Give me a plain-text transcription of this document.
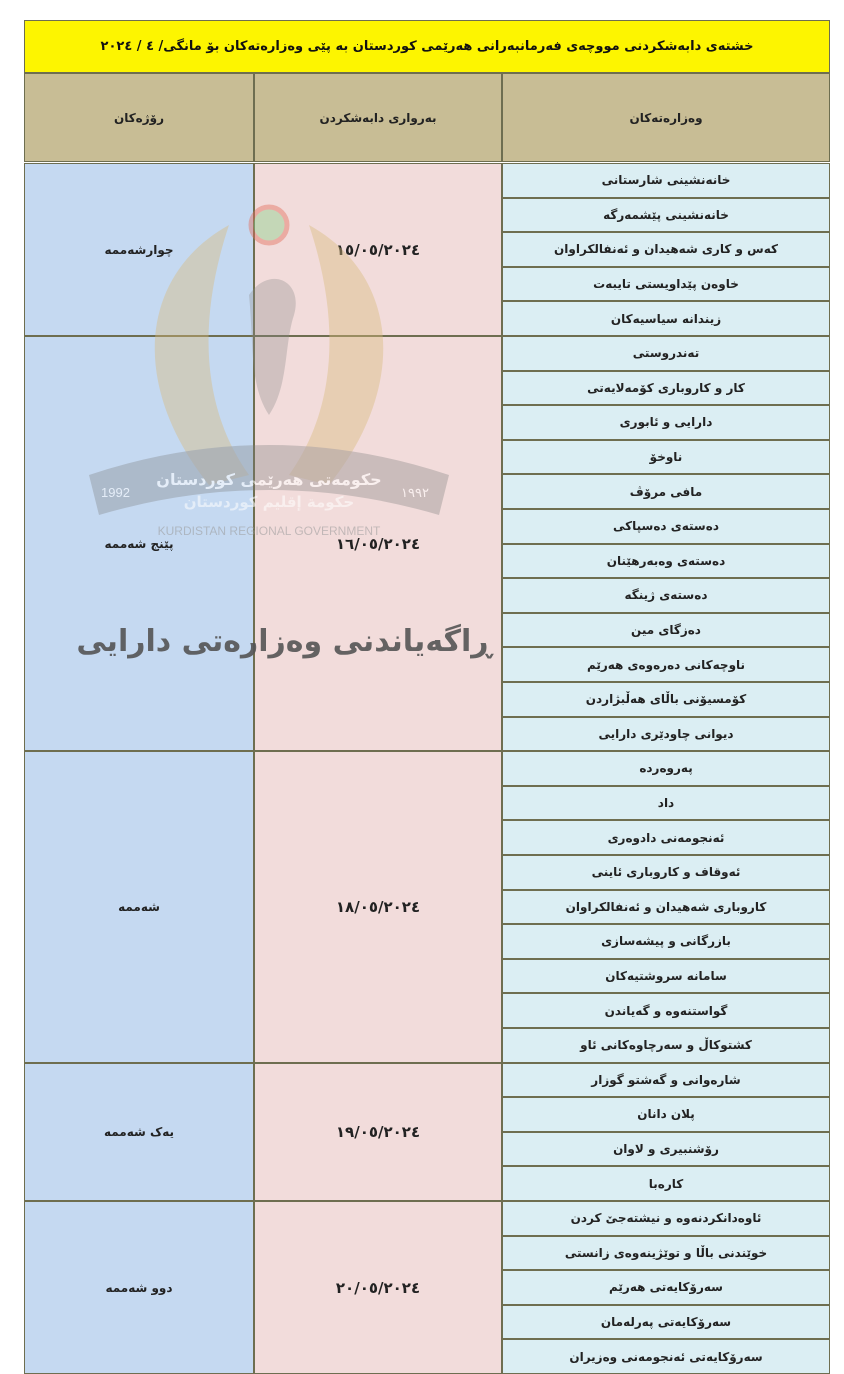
خشتەی دابەشکردنی مووچەی فەرمانبەرانی هەرێمی کوردستان بە پێی وەزارەتەکان بۆ مانگی/ ٤ / ٢٠٢٤
رۆژەکان	بەرواری دابەشکردن	وەزارەتەکان
چوارشەممە	١٥/٠٥/٢٠٢٤
خانەنشینی شارستانی
خانەنشینی پێشمەرگە
کەس و کاری شەهیدان و ئەنفالکراوان
خاوەن پێداویستی تایبەت
زیندانە سیاسیەکان
پێنج شەممە	١٦/٠٥/٢٠٢٤
تەندروستی
کار و کاروباری کۆمەلایەتی
دارایی و ئابوری
ناوخۆ
مافی مرۆڤ
دەستەی دەسپاکی
دەستەی وەبەرهێنان
دەستەی ژینگە
دەزگای مین
ناوچەکانی دەرەوەی هەرێم
کۆمسیۆنی باڵای هەڵبژاردن
دیوانی چاودێری دارایی
شەممە	١٨/٠٥/٢٠٢٤
پەروەردە
داد
ئەنجومەنی دادوەری
ئەوقاف و کاروباری ئاینی
کاروباری شەهیدان و ئەنفالکراوان
بازرگانی و پیشەسازی
سامانە سروشتیەکان
گواستنەوە و گەیاندن
کشتوکاڵ و سەرچاوەکانی ئاو
یەک شەممە	١٩/٠٥/٢٠٢٤
شارەوانی و گەشتو گوزار
پلان دانان
رۆشنبیری و لاوان
کارەبا
دوو شەممە	٢٠/٠٥/٢٠٢٤
ئاوەدانکردنەوە و نیشتەجێ کردن
خوێندنی باڵا و توێژینەوەی زانستی
سەرۆکایەتی هەرێم
سەرۆکایەتی پەرلەمان
سەرۆکایەتی ئەنجومەنی وەزیران
1992	١٩٩٢
حکومەتی هەرێمی کوردستان
حكومة إقليم كوردستان
KURDISTAN REGIONAL GOVERNMENT
ڕاگەیاندنی وەزارەتی دارایی
